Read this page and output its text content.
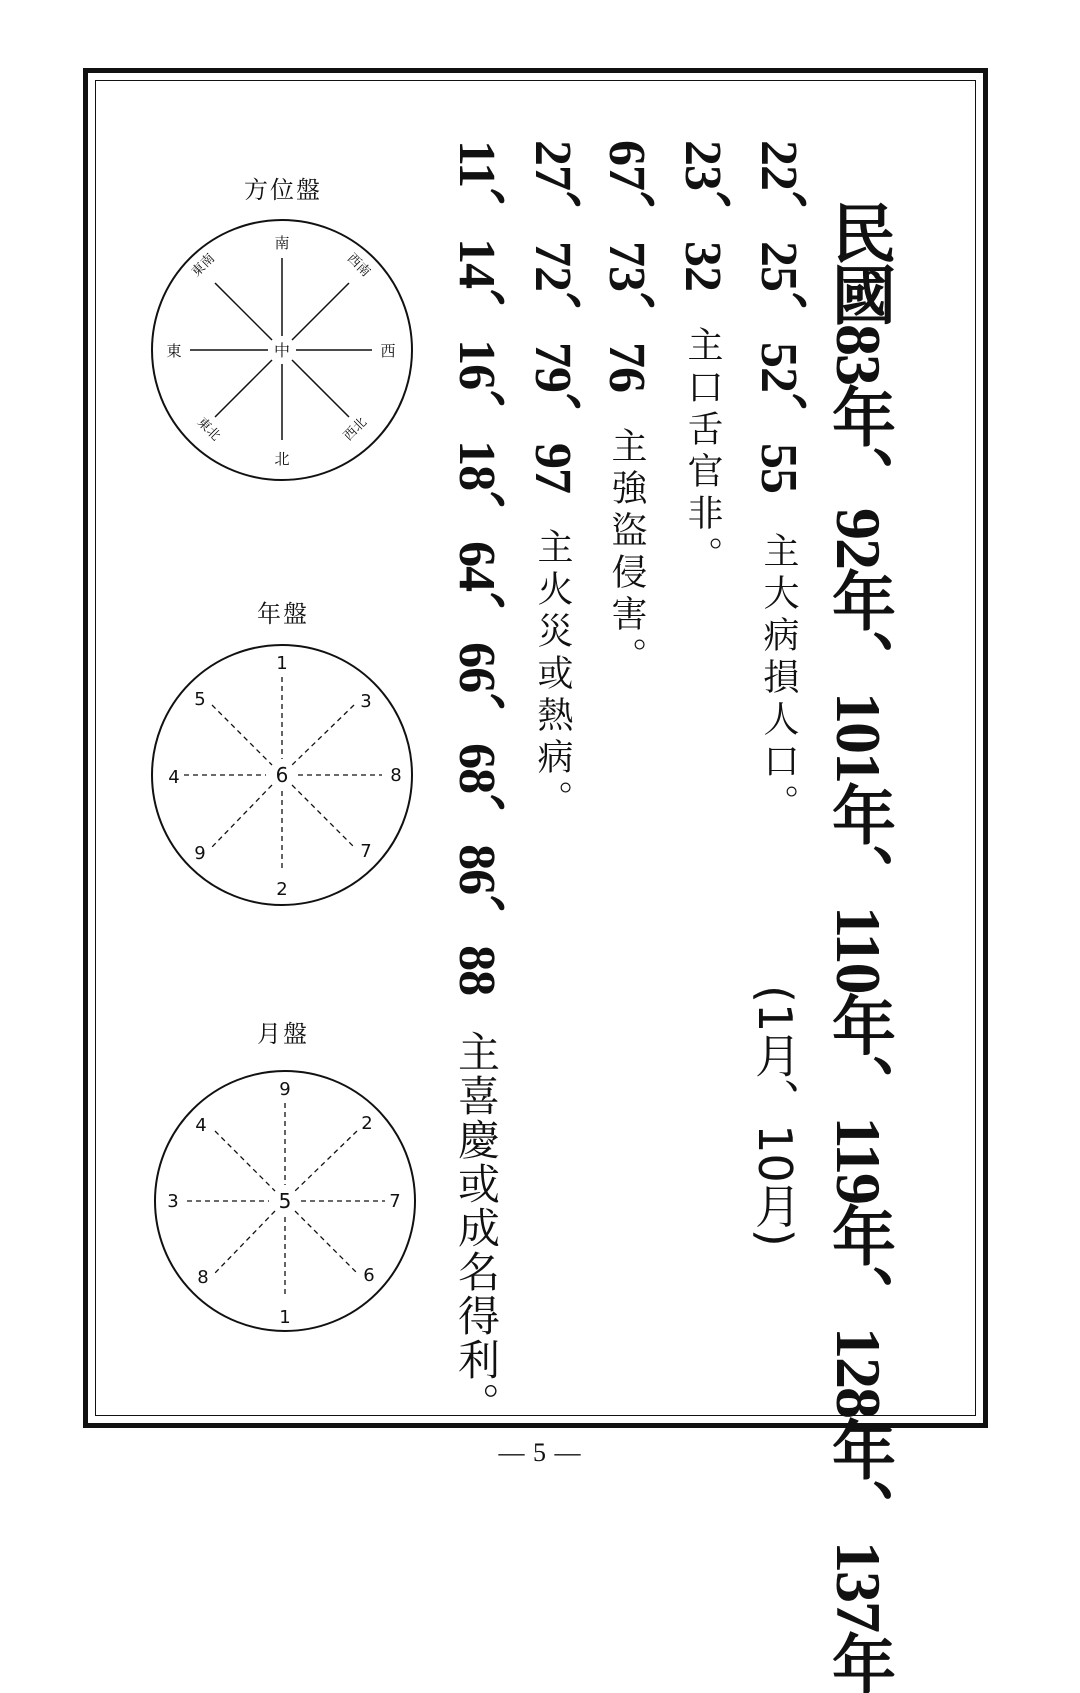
民國83年、92年、101年、110年、119年、128年、137年
(1月、10月)
22、25、52、55 主大病損人口。
23、32 主口舌官非。
67、73、76 主強盜侵害。
27、72、79、97 主火災或熱病。
11、14、16、18、64、66、68、86、88 主喜慶或成名得利。
方位盤
中
南
西南
西
西北
北
東北
東
東南
年盤
6
1
3
8
7
2
9
4
5
月盤
5
9
2
7
6
1
8
3
4
— 5 —
